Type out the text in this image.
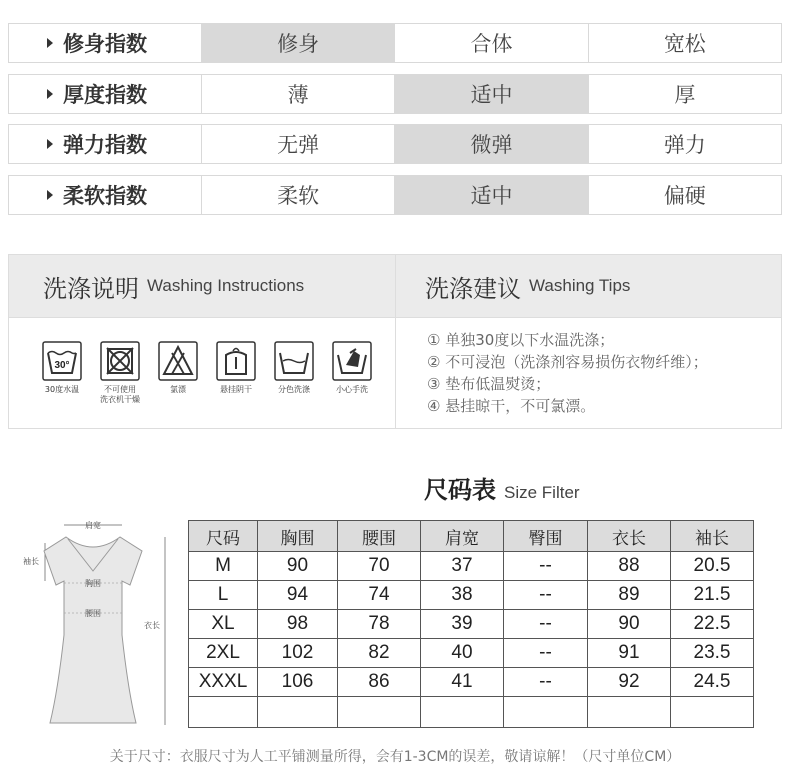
修身指数	修身	合体	宽松
厚度指数	薄	适中	厚
弹力指数	无弹	微弹	弹力
柔软指数	柔软	适中	偏硬
洗涤说明 Washing Instructions	洗涤建议 Washing Tips
30°
30度水温	不可使用
洗衣机干燥
氯漂	悬挂阴干	分色洗涤	小心手洗
① 单独30度以下水温洗涤；
② 不可浸泡（洗涤剂容易损伤衣物纤维）；
③ 垫布低温熨烫；
④ 悬挂晾干，不可氯漂。
尺码表 Size Filter
肩宽
袖长
衣长
胸围
腰围
尺码	胸围	腰围	肩宽	臀围	衣长	袖长
M	90	70	37	--	88	20.5
L	94	74	38	--	89	21.5
XL	98	78	39	--	90	22.5
2XL	102	82	40	--	91	23.5
XXXL	106	86	41	--	92	24.5

关于尺寸：衣服尺寸为人工平铺测量所得，会有1-3CM的误差，敬请谅解！（尺寸单位CM）
